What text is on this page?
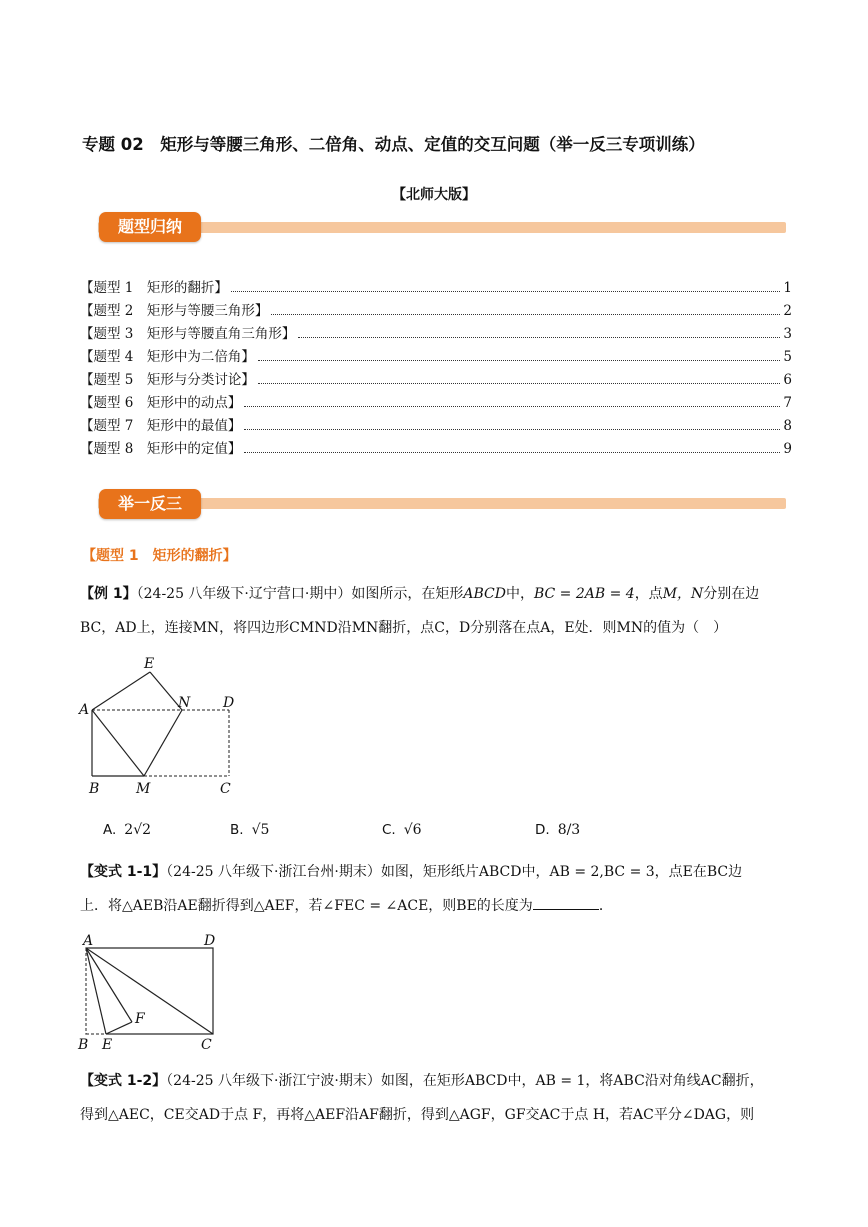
专题 02　矩形与等腰三角形、二倍角、动点、定值的交互问题（举一反三专项训练）
【北师大版】
题型归纳
【题型 1　矩形的翻折】	1
【题型 2　矩形与等腰三角形】	2
【题型 3　矩形与等腰直角三角形】	3
【题型 4　矩形中为二倍角】	5
【题型 5　矩形与分类讨论】	6
【题型 6　矩形中的动点】	7
【题型 7　矩形中的最值】	8
【题型 8　矩形中的定值】	9
举一反三
【题型 1　矩形的翻折】
【例 1】（24-25 八年级下·辽宁营口·期中）如图所示，在矩形ABCD中，BC = 2AB = 4，点M，N分别在边
BC，AD上，连接MN，将四边形CMND沿MN翻折，点C，D分别落在点A，E处．则MN的值为（　）
E
N D
A
B	M	C
A. 2√2	B. √5	C. √6	D. 8/3
【变式 1-1】（24-25 八年级下·浙江台州·期末）如图，矩形纸片ABCD中，AB = 2,BC = 3，点E在BC边
上．将△AEB沿AE翻折得到△AEF，若∠FEC = ∠ACE，则BE的长度为	．
A	D
F
B E	C
【变式 1-2】（24-25 八年级下·浙江宁波·期末）如图，在矩形ABCD中，AB = 1，将ABC沿对角线AC翻折，
得到△AEC，CE交AD于点 F，再将△AEF沿AF翻折，得到△AGF，GF交AC于点 H，若AC平分∠DAG，则
